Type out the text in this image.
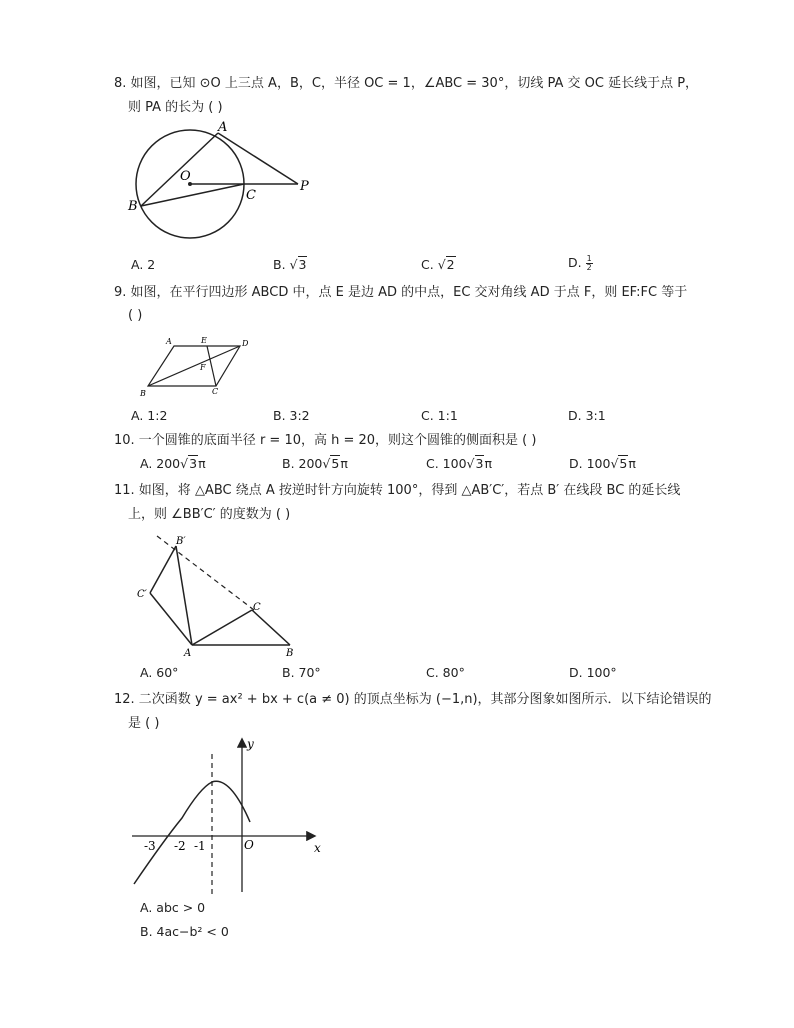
8. 如图，已知 ⊙O 上三点 A，B，C，半径 OC = 1，∠ABC = 30°，切线 PA 交 OC 延长线于点 P，
则 PA 的长为 ( )
A
O
C
P
B
A. 2	B. √3	C. √2	D. $\frac{1}{2}$
9. 如图，在平行四边形 ABCD 中，点 E 是边 AD 的中点，EC 交对角线 AD 于点 F，则 EF:FC 等于
( )
A	E	D
F
B	C
A. 1:2	B. 3:2	C. 1:1	D. 3:1
10. 一个圆锥的底面半径 r = 10，高 h = 20，则这个圆锥的侧面积是 ( )
A. 200√3π	B. 200√5π	C. 100√3π	D. 100√5π
11. 如图，将 △ABC 绕点 A 按逆时针方向旋转 100°，得到 △AB′C′，若点 B′ 在线段 BC 的延长线
上，则 ∠BB′C′ 的度数为 ( )
B′
C′
C
A	B
A. 60°	B. 70°	C. 80°	D. 100°
12. 二次函数 y = ax² + bx + c(a ≠ 0) 的顶点坐标为 (−1,n)，其部分图象如图所示．以下结论错误的
是 ( )
y
x
O
-3 -2 -1
A. abc > 0
B. 4ac−b² < 0
